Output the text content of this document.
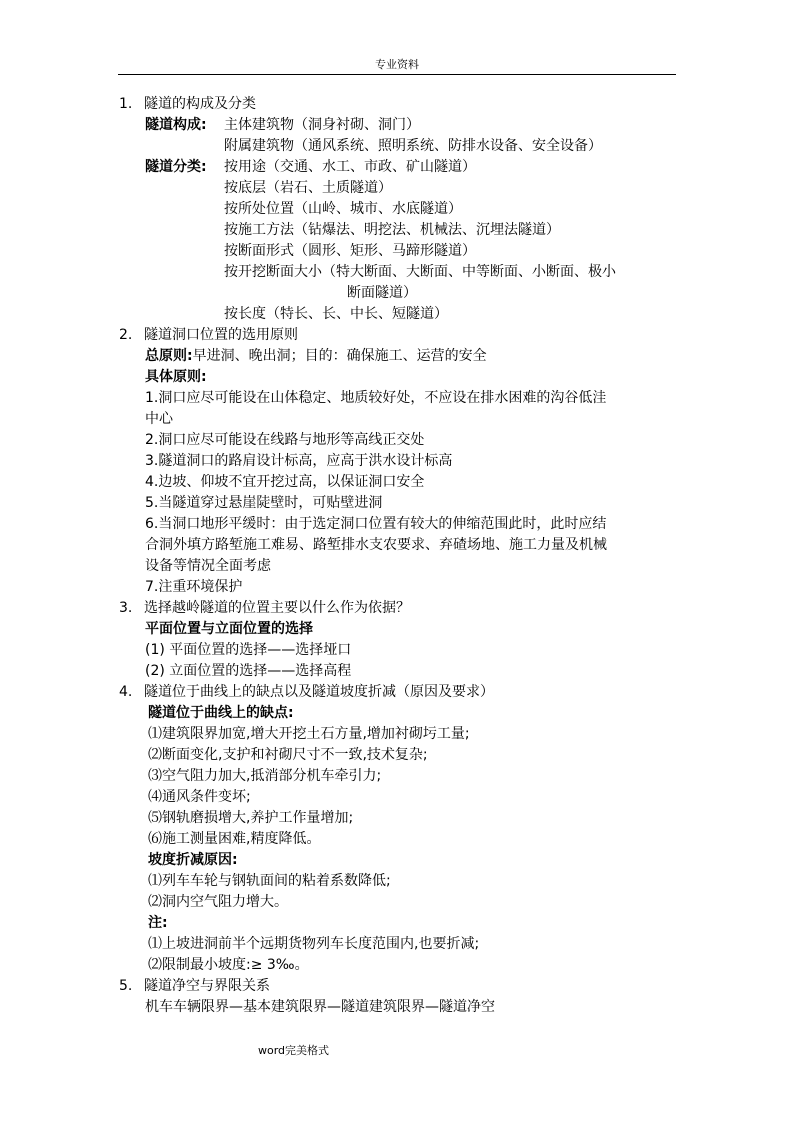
专业资料
1. 隧道的构成及分类
隧道构成: 主体建筑物（洞身衬砌、洞门）
附属建筑物（通风系统、照明系统、防排水设备、安全设备）
隧道分类: 按用途（交通、水工、市政、矿山隧道）
按底层（岩石、土质隧道）
按所处位置（山岭、城市、水底隧道）
按施工方法（钻爆法、明挖法、机械法、沉埋法隧道）
按断面形式（圆形、矩形、马蹄形隧道）
按开挖断面大小（特大断面、大断面、中等断面、小断面、极小
断面隧道）
按长度（特长、长、中长、短隧道）
2. 隧道洞口位置的选用原则
总原则:早进洞、晚出洞；目的：确保施工、运营的安全
具体原则:
1.洞口应尽可能设在山体稳定、地质较好处，不应设在排水困难的沟谷低洼
中心
2.洞口应尽可能设在线路与地形等高线正交处
3.隧道洞口的路肩设计标高，应高于洪水设计标高
4.边坡、仰坡不宜开挖过高，以保证洞口安全
5.当隧道穿过悬崖陡壁时，可贴壁进洞
6.当洞口地形平缓时：由于选定洞口位置有较大的伸缩范围此时，此时应结
合洞外填方路堑施工难易、路堑排水支农要求、弃碴场地、施工力量及机械
设备等情况全面考虑
7.注重环境保护
3. 选择越岭隧道的位置主要以什么作为依据？
平面位置与立面位置的选择
(1) 平面位置的选择——选择垭口
(2) 立面位置的选择——选择高程
4. 隧道位于曲线上的缺点以及隧道坡度折减（原因及要求）
隧道位于曲线上的缺点:
⑴建筑限界加宽,增大开挖土石方量,增加衬砌圬工量;
⑵断面变化,支护和衬砌尺寸不一致,技术复杂;
⑶空气阻力加大,抵消部分机车牵引力;
⑷通风条件变坏;
⑸钢轨磨损增大,养护工作量增加;
⑹施工测量困难,精度降低。
坡度折减原因:
⑴列车车轮与钢轨面间的粘着系数降低;
⑵洞内空气阻力增大。
注:
⑴上坡进洞前半个远期货物列车长度范围内,也要折减;
⑵限制最小坡度:≥ 3‰。
5. 隧道净空与界限关系
机车车辆限界—基本建筑限界—隧道建筑限界—隧道净空
word完美格式
